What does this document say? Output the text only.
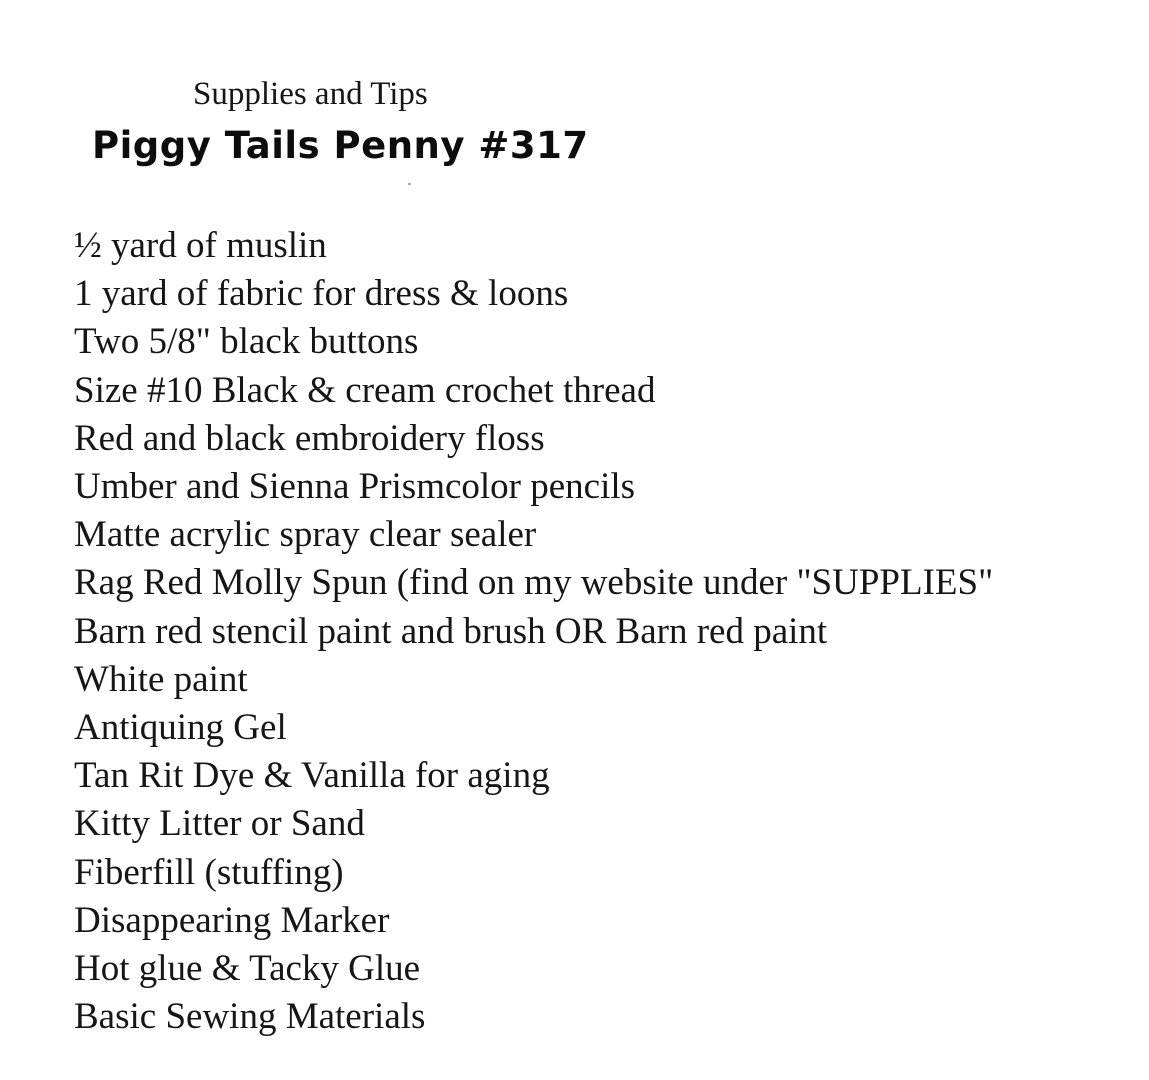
Supplies and Tips
Piggy Tails Penny #317
½ yard of muslin
1 yard of fabric for dress & loons
Two 5/8" black buttons
Size #10 Black & cream crochet thread
Red and black embroidery floss
Umber and Sienna Prismcolor pencils
Matte acrylic spray clear sealer
Rag Red Molly Spun (find on my website under "SUPPLIES"
Barn red stencil paint and brush OR Barn red paint
White paint
Antiquing Gel
Tan Rit Dye & Vanilla for aging
Kitty Litter or Sand
Fiberfill (stuffing)
Disappearing Marker
Hot glue & Tacky Glue
Basic Sewing Materials
